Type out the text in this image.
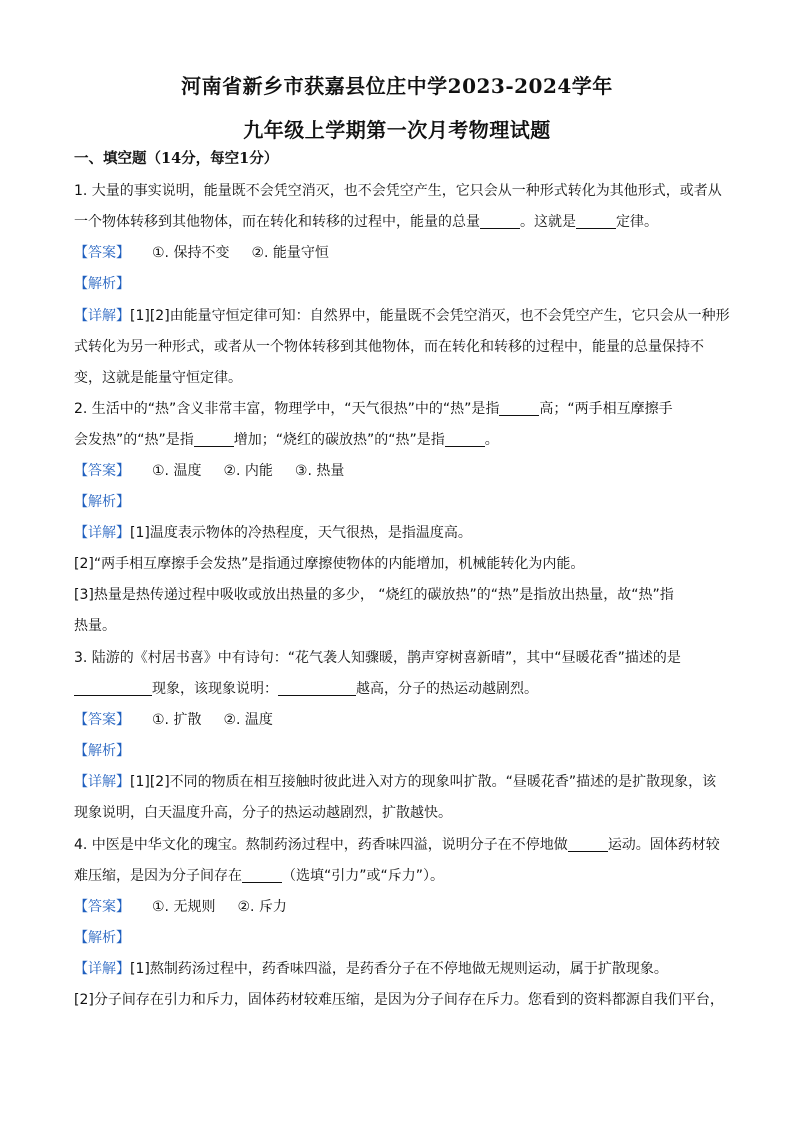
河南省新乡市获嘉县位庄中学2023-2024学年
九年级上学期第一次月考物理试题
一、填空题（14分，每空1分）
1. 大量的事实说明，能量既不会凭空消灭，也不会凭空产生，它只会从一种形式转化为其他形式，或者从
一个物体转移到其他物体，而在转化和转移的过程中，能量的总量	。这就是	定律。
【答案】 ①. 保持不变 ②. 能量守恒
【解析】
【详解】[1][2]由能量守恒定律可知：自然界中，能量既不会凭空消灭，也不会凭空产生，它只会从一种形
式转化为另一种形式，或者从一个物体转移到其他物体，而在转化和转移的过程中，能量的总量保持不
变，这就是能量守恒定律。
2. 生活中的“热”含义非常丰富，物理学中，“天气很热”中的“热”是指	高；“两手相互摩擦手
会发热”的“热”是指	增加；“烧红的碳放热”的“热”是指	。
【答案】 ①. 温度 ②. 内能 ③. 热量
【解析】
【详解】[1]温度表示物体的冷热程度，天气很热，是指温度高。
[2]“两手相互摩擦手会发热”是指通过摩擦使物体的内能增加，机械能转化为内能。
[3]热量是热传递过程中吸收或放出热量的多少， “烧红的碳放热”的“热”是指放出热量，故“热”指
热量。
3. 陆游的《村居书喜》中有诗句：“花气袭人知骤暖，鹊声穿树喜新晴”，其中“昼暖花香”描述的是
现象，该现象说明：	越高，分子的热运动越剧烈。
【答案】 ①. 扩散 ②. 温度
【解析】
【详解】[1][2]不同的物质在相互接触时彼此进入对方的现象叫扩散。“昼暖花香”描述的是扩散现象，该
现象说明，白天温度升高，分子的热运动越剧烈，扩散越快。
4. 中医是中华文化的瑰宝。熬制药汤过程中，药香味四溢，说明分子在不停地做	运动。固体药材较
难压缩，是因为分子间存在	（选填“引力”或“斥力”）。
【答案】 ①. 无规则 ②. 斥力
【解析】
【详解】[1]熬制药汤过程中，药香味四溢，是药香分子在不停地做无规则运动，属于扩散现象。
[2]分子间存在引力和斥力，固体药材较难压缩，是因为分子间存在斥力。您看到的资料都源自我们平台，
